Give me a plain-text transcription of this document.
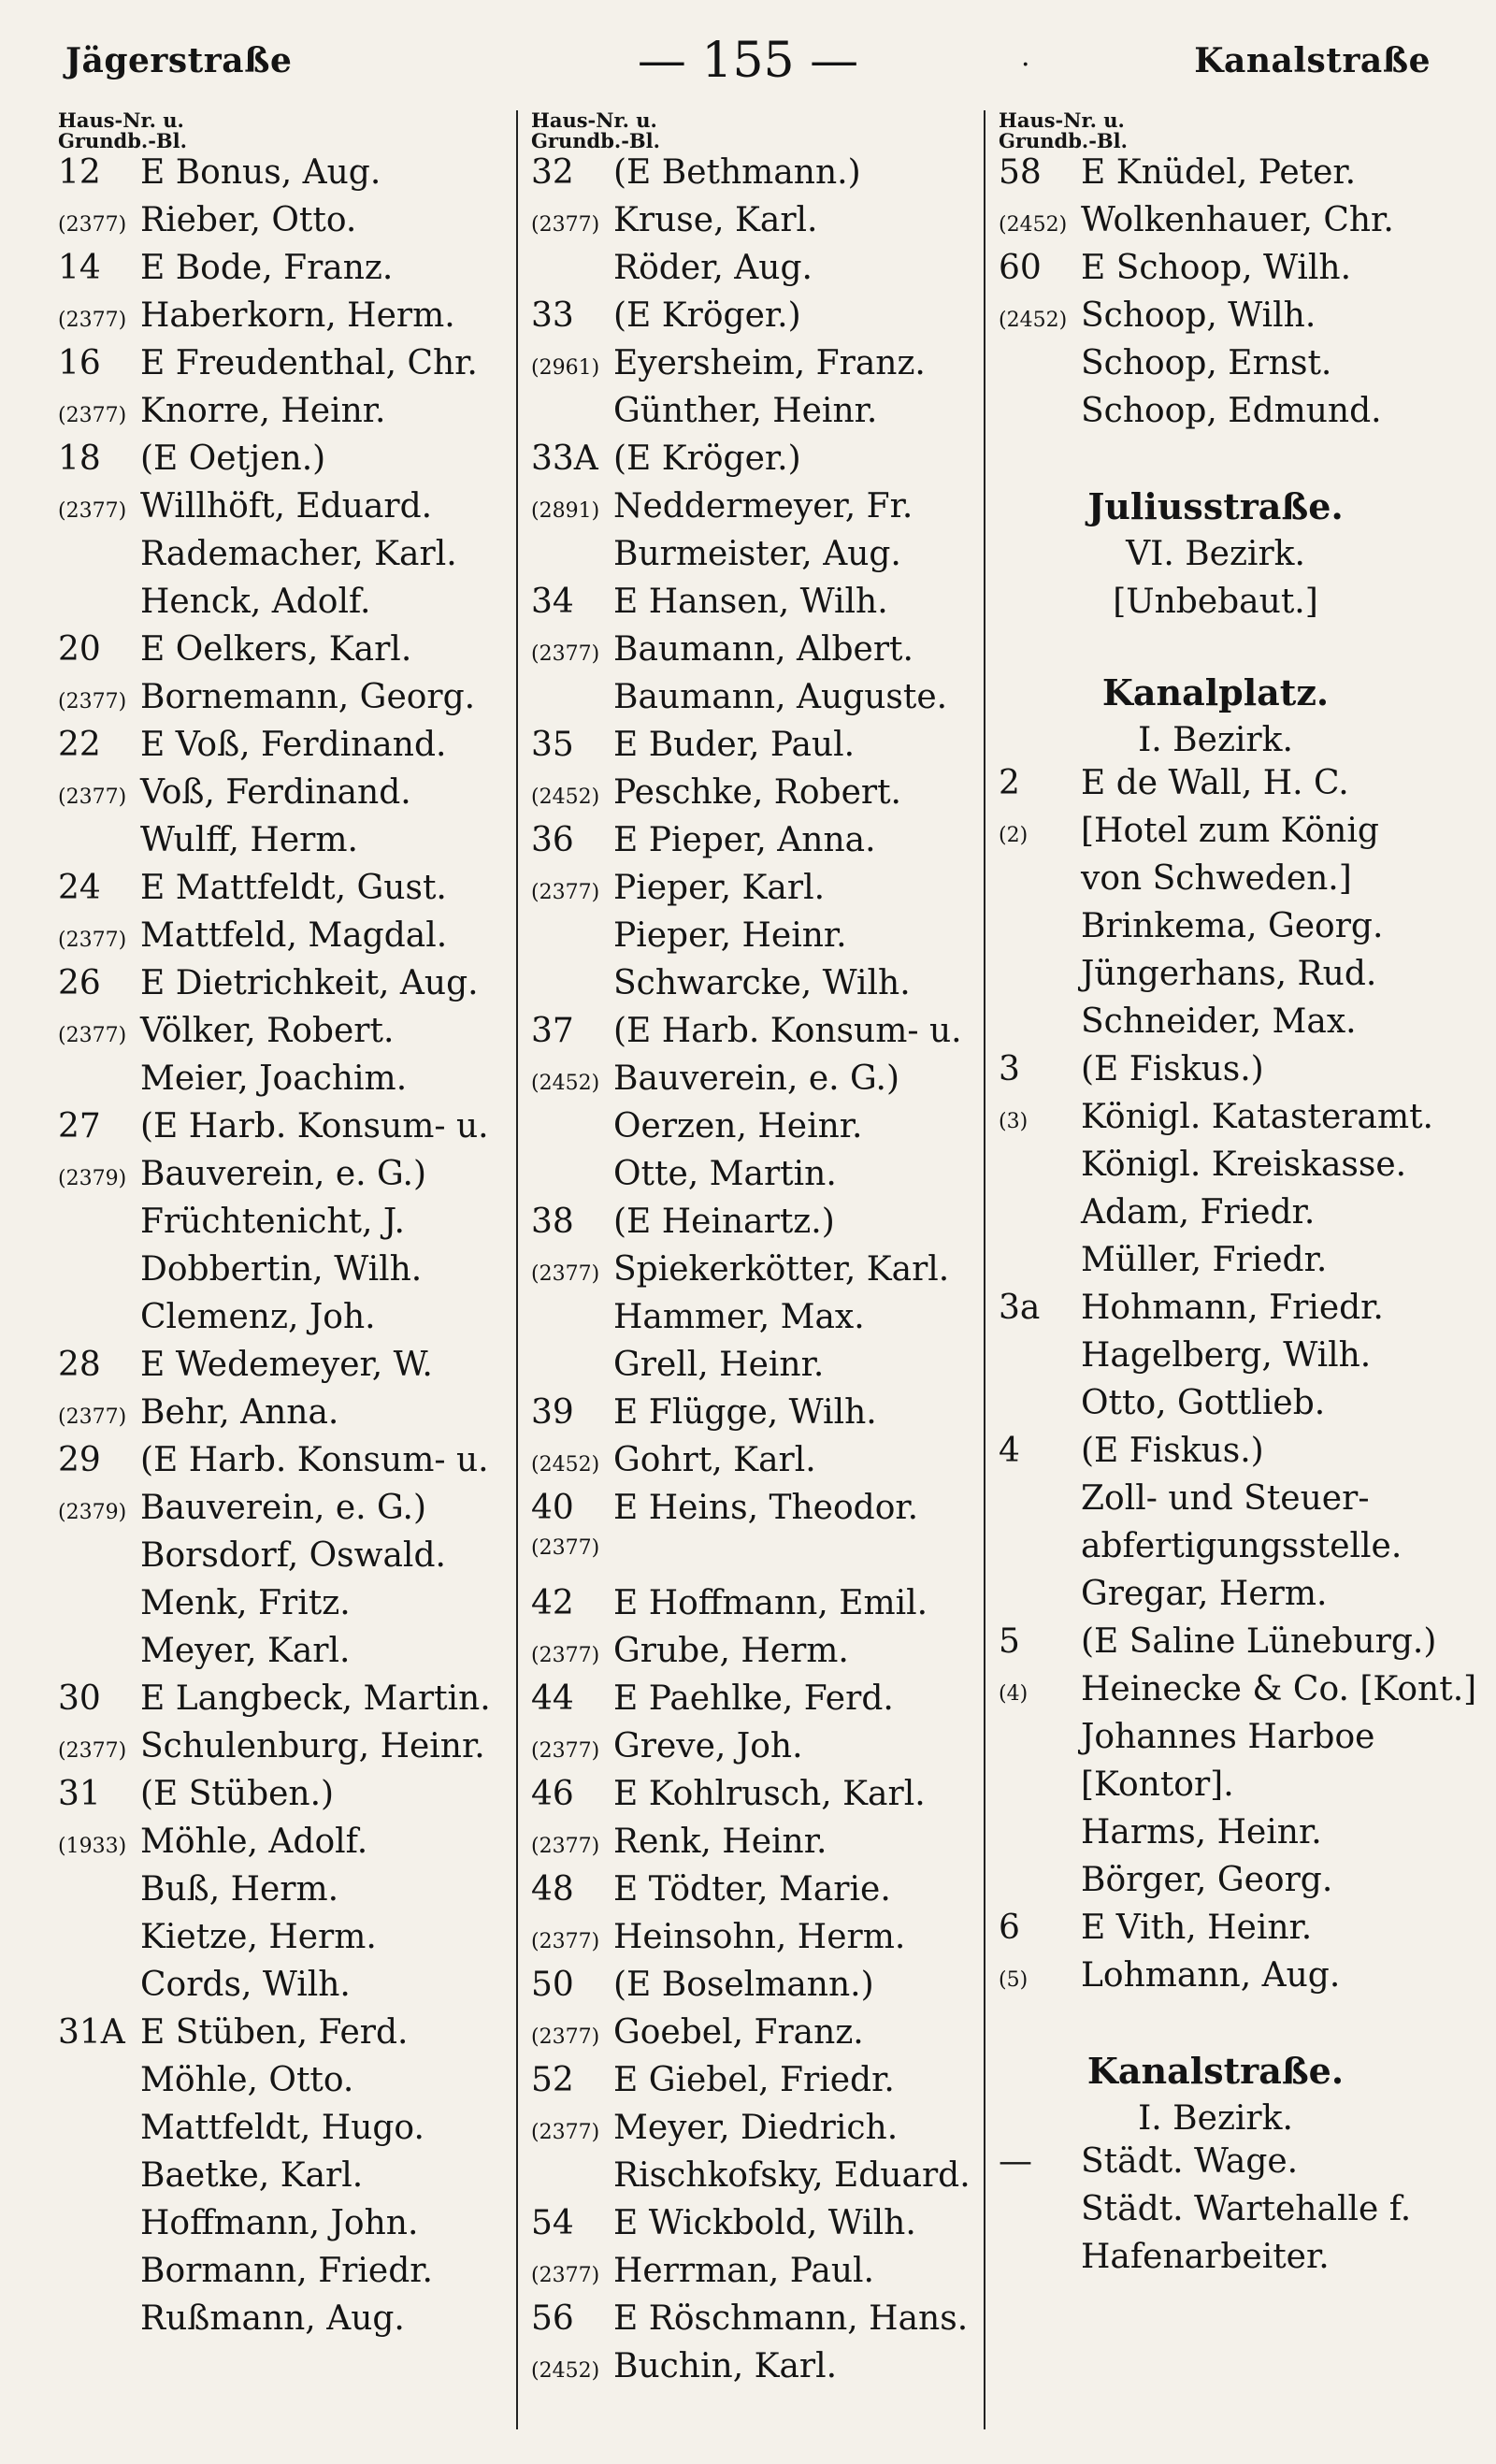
Jägerstraße	— 155 —	·	Kanalstraße
Haus-Nr. u.
Grundb.-Bl.
12	E Bonus, Aug.
(2377) Rieber, Otto.
14	E Bode, Franz.
(2377) Haberkorn, Herm.
16	E Freudenthal, Chr.
(2377) Knorre, Heinr.
18	(E Oetjen.)
(2377) Willhöft, Eduard.
Rademacher, Karl.
Henck, Adolf.
20	E Oelkers, Karl.
(2377) Bornemann, Georg.
22	E Voß, Ferdinand.
(2377) Voß, Ferdinand.
Wulff, Herm.
24	E Mattfeldt, Gust.
(2377) Mattfeld, Magdal.
26	E Dietrichkeit, Aug.
(2377) Völker, Robert.
Meier, Joachim.
27	(E Harb. Konsum- u.
(2379) Bauverein, e. G.)
Früchtenicht, J.
Dobbertin, Wilh.
Clemenz, Joh.
28	E Wedemeyer, W.
(2377) Behr, Anna.
29	(E Harb. Konsum- u.
(2379) Bauverein, e. G.)
Borsdorf, Oswald.
Menk, Fritz.
Meyer, Karl.
30	E Langbeck, Martin.
(2377) Schulenburg, Heinr.
31	(E Stüben.)
(1933) Möhle, Adolf.
Buß, Herm.
Kietze, Herm.
Cords, Wilh.
31A E Stüben, Ferd.
Möhle, Otto.
Mattfeldt, Hugo.
Baetke, Karl.
Hoffmann, John.
Bormann, Friedr.
Rußmann, Aug.
Haus-Nr. u.
Grundb.-Bl.
32	(E Bethmann.)
(2377) Kruse, Karl.
Röder, Aug.
33	(E Kröger.)
(2961) Eyersheim, Franz.
Günther, Heinr.
33A (E Kröger.)
(2891) Neddermeyer, Fr.
Burmeister, Aug.
34	E Hansen, Wilh.
(2377) Baumann, Albert.
Baumann, Auguste.
35	E Buder, Paul.
(2452) Peschke, Robert.
36	E Pieper, Anna.
(2377) Pieper, Karl.
Pieper, Heinr.
Schwarcke, Wilh.
37	(E Harb. Konsum- u.
(2452) Bauverein, e. G.)
Oerzen, Heinr.
Otte, Martin.
38	(E Heinartz.)
(2377) Spiekerkötter, Karl.
Hammer, Max.
Grell, Heinr.
39	E Flügge, Wilh.
(2452) Gohrt, Karl.
40	E Heins, Theodor.
(2377)
42	E Hoffmann, Emil.
(2377) Grube, Herm.
44	E Paehlke, Ferd.
(2377) Greve, Joh.
46	E Kohlrusch, Karl.
(2377) Renk, Heinr.
48	E Tödter, Marie.
(2377) Heinsohn, Herm.
50	(E Boselmann.)
(2377) Goebel, Franz.
52	E Giebel, Friedr.
(2377) Meyer, Diedrich.
Rischkofsky, Eduard.
54	E Wickbold, Wilh.
(2377) Herrman, Paul.
56	E Röschmann, Hans.
(2452) Buchin, Karl.
Haus-Nr. u.
Grundb.-Bl.
58	E Knüdel, Peter.
(2452) Wolkenhauer, Chr.
60	E Schoop, Wilh.
(2452) Schoop, Wilh.
Schoop, Ernst.
Schoop, Edmund.
Juliusstraße.
VI. Bezirk.
[Unbebaut.]
Kanalplatz.
I. Bezirk.
2	E de Wall, H. C.
(2)	[Hotel zum König
von Schweden.]
Brinkema, Georg.
Jüngerhans, Rud.
Schneider, Max.
3	(E Fiskus.)
(3)	Königl. Katasteramt.
Königl. Kreiskasse.
Adam, Friedr.
Müller, Friedr.
3a	Hohmann, Friedr.
Hagelberg, Wilh.
Otto, Gottlieb.
4	(E Fiskus.)
Zoll- und Steuer-
abfertigungsstelle.
Gregar, Herm.
5	(E Saline Lüneburg.)
(4)	Heinecke & Co. [Kont.]
Johannes Harboe
[Kontor].
Harms, Heinr.
Börger, Georg.
6	E Vith, Heinr.
(5)	Lohmann, Aug.
Kanalstraße.
I. Bezirk.
—	Städt. Wage.
Städt. Wartehalle f.
Hafenarbeiter.
